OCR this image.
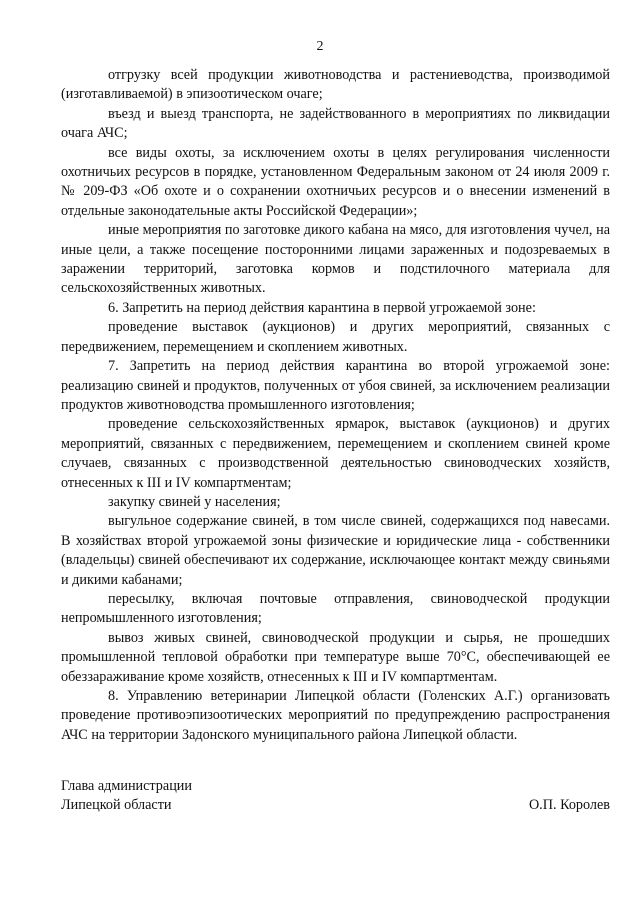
2

отгрузку всей продукции животноводства и растениеводства, производимой (изготавливаемой) в эпизоотическом очаге;

въезд и выезд транспорта, не задействованного в мероприятиях по ликвидации очага АЧС;

все виды охоты, за исключением охоты в целях регулирования численности охотничьих ресурсов в порядке, установленном Федеральным законом от 24 июля 2009 г. № 209-ФЗ «Об охоте и о сохранении охотничьих ресурсов и о внесении изменений в отдельные законодательные акты Российской Федерации»;

иные мероприятия по заготовке дикого кабана на мясо, для изготовления чучел, на иные цели, а также посещение посторонними лицами зараженных и подозреваемых в заражении территорий, заготовка кормов и подстилочного материала для сельскохозяйственных животных.

6. Запретить на период действия карантина в первой угрожаемой зоне:

проведение выставок (аукционов) и других мероприятий, связанных с передвижением, перемещением и скоплением животных.

7. Запретить на период действия карантина во второй угрожаемой зоне: реализацию свиней и продуктов, полученных от убоя свиней, за исключением реализации продуктов животноводства промышленного изготовления;

проведение сельскохозяйственных ярмарок, выставок (аукционов) и других мероприятий, связанных с передвижением, перемещением и скоплением свиней кроме случаев, связанных с производственной деятельностью свиноводческих хозяйств, отнесенных к III и IV компартментам;

закупку свиней у населения;

выгульное содержание свиней, в том числе свиней, содержащихся под навесами. В хозяйствах второй угрожаемой зоны физические и юридические лица - собственники (владельцы) свиней обеспечивают их содержание, исключающее контакт между свиньями и дикими кабанами;

пересылку, включая почтовые отправления, свиноводческой продукции непромышленного изготовления;

вывоз живых свиней, свиноводческой продукции и сырья, не прошедших промышленной тепловой обработки при температуре выше 70°С, обеспечивающей ее обеззараживание кроме хозяйств, отнесенных к III и IV компартментам.

8. Управлению ветеринарии Липецкой области (Голенских А.Г.) организовать проведение противоэпизоотических мероприятий по предупреждению распространения АЧС на территории Задонского муниципального района Липецкой области.

Глава администрации
Липецкой области	О.П. Королев
